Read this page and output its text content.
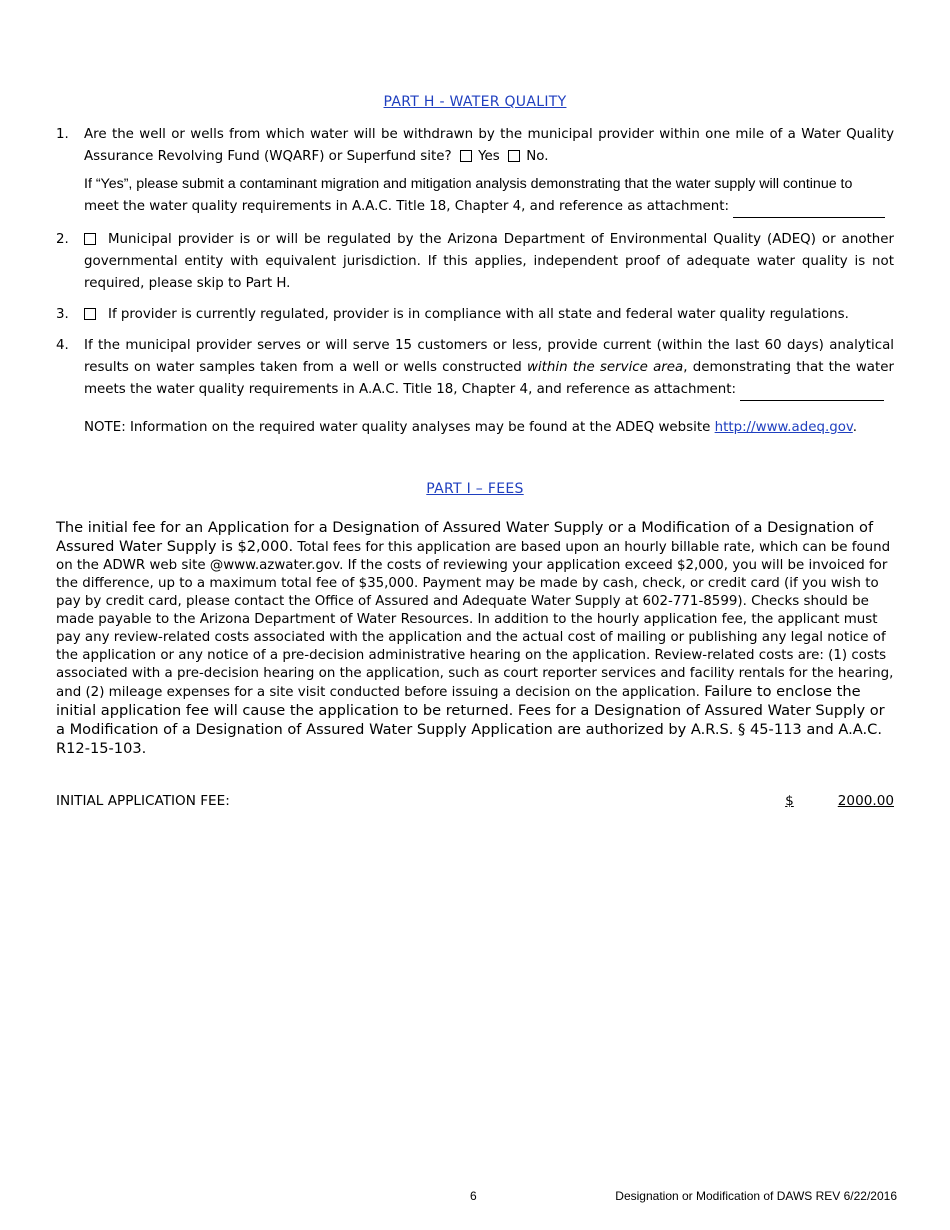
PART H - WATER QUALITY
1. Are the well or wells from which water will be withdrawn by the municipal provider within one mile of a Water Quality Assurance Revolving Fund (WQARF) or Superfund site? Yes No.

If “Yes”, please submit a contaminant migration and mitigation analysis demonstrating that the water supply will continue to

meet the water quality requirements in A.A.C. Title 18, Chapter 4, and reference as attachment:

2.	Municipal provider is or will be regulated by the Arizona Department of Environmental Quality (ADEQ) or another governmental entity with equivalent jurisdiction. If this applies, independent proof of adequate water quality is not required, please skip to Part H.

3.	If provider is currently regulated, provider is in compliance with all state and federal water quality regulations.

4. If the municipal provider serves or will serve 15 customers or less, provide current (within the last 60 days) analytical results on water samples taken from a well or wells constructed within the service area, demonstrating that the water meets the water quality requirements in A.A.C. Title 18, Chapter 4, and reference as attachment:

NOTE: Information on the required water quality analyses may be found at the ADEQ website http://www.adeq.gov.

PART I – FEES

The initial fee for an Application for a Designation of Assured Water Supply or a Modification of a Designation of Assured Water Supply is $2,000. Total fees for this application are based upon an hourly billable rate, which can be found on the ADWR web site @www.azwater.gov. If the costs of reviewing your application exceed $2,000, you will be invoiced for the difference, up to a maximum total fee of $35,000. Payment may be made by cash, check, or credit card (if you wish to pay by credit card, please contact the Office of Assured and Adequate Water Supply at 602-771-8599). Checks should be made payable to the Arizona Department of Water Resources. In addition to the hourly application fee, the applicant must pay any review-related costs associated with the application and the actual cost of mailing or publishing any legal notice of the application or any notice of a pre-decision administrative hearing on the application. Review-related costs are: (1) costs associated with a pre-decision hearing on the application, such as court reporter services and facility rentals for the hearing, and (2) mileage expenses for a site visit conducted before issuing a decision on the application. Failure to enclose the initial application fee will cause the application to be returned. Fees for a Designation of Assured Water Supply or a Modification of a Designation of Assured Water Supply Application are authorized by A.R.S. § 45-113 and A.A.C. R12-15-103.

INITIAL APPLICATION FEE:	$	2000.00
6	Designation or Modification of DAWS REV 6/22/2016
